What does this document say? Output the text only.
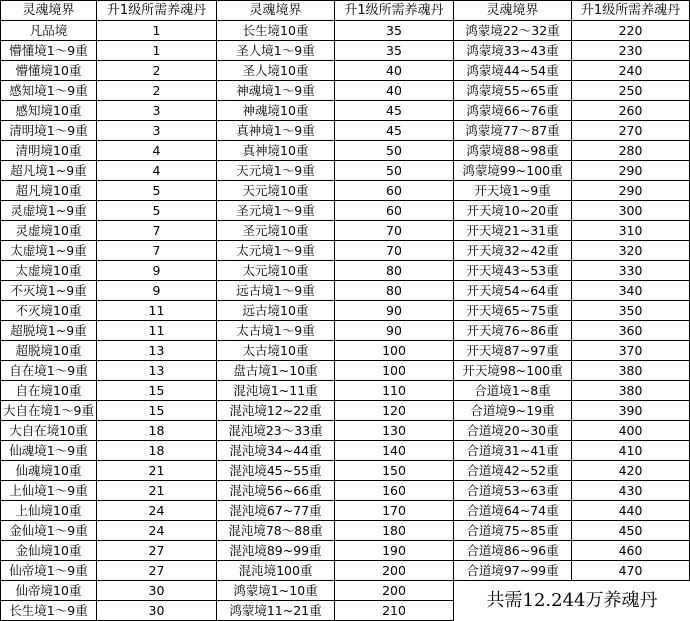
灵魂境界	升1级所需养魂丹	灵魂境界	升1级所需养魂丹	灵魂境界	升1级所需养魂丹
凡品境	1	长生境10重	35	鸿蒙境22〜32重	220
懵懂境1〜9重	1	圣人境1〜9重	35	鸿蒙境33~43重	230
懵懂境10重	2	圣人境10重	40	鸿蒙境44~54重	240
感知境1〜9重	2	神魂境1〜9重	40	鸿蒙境55~65重	250
感知境10重	3	神魂境10重	45	鸿蒙境66~76重	260
清明境1〜9重	3	真神境1〜9重	45	鸿蒙境77〜87重	270
清明境10重	4	真神境10重	50	鸿蒙境88~98重	280
超凡境1~9重	4	天元境1〜9重	50	鸿蒙境99~100重	290
超凡境10重	5	天元境10重	60	开天境1~9重	290
灵虚境1~9重	5	圣元境1〜9重	60	开天境10~20重	300
灵虚境10重	7	圣元境10重	70	开天境21~31重	310
太虚境1~9重	7	太元境1〜9重	70	开天境32~42重	320
太虚境10重	9	太元境10重	80	开天境43~53重	330
不灭境1~9重	9	远古境1〜9重	80	开天境54~64重	340
不灭境10重	11	远古境10重	90	开天境65~75重	350
超脱境1~9重	11	太古境1〜9重	90	开天境76~86重	360
超脱境10重	13	太古境10重	100	开天境87~97重	370
自在境1〜9重	13	盘古境1~10重	100	开天境98~100重	380
自在境10重	15	混沌境1~11重	110	合道境1~8重	380
大自在境1〜9重	15	混沌境12~22重	120	合道境9~19重	390
大自在境10重	18	混沌境23〜33重	130	合道境20~30重	400
仙魂境1〜9重	18	混沌境34~44重	140	合道境31~41重	410
仙魂境10重	21	混沌境45~55重	150	合道境42~52重	420
上仙境1〜9重	21	混沌境56~66重	160	合道境53~63重	430
上仙境10重	24	混沌境67~77重	170	合道境64~74重	440
金仙境1〜9重	24	混沌境78〜88重	180	合道境75~85重	450
金仙境10重	27	混沌境89~99重	190	合道境86~96重	460
仙帝境1〜9重	27	混沌境100重	200	合道境97~99重	470
仙帝境10重	30	鸿蒙境1~10重	200		
长生境1〜9重	30	鸿蒙境11~21重	210			共需12.244万养魂丹
